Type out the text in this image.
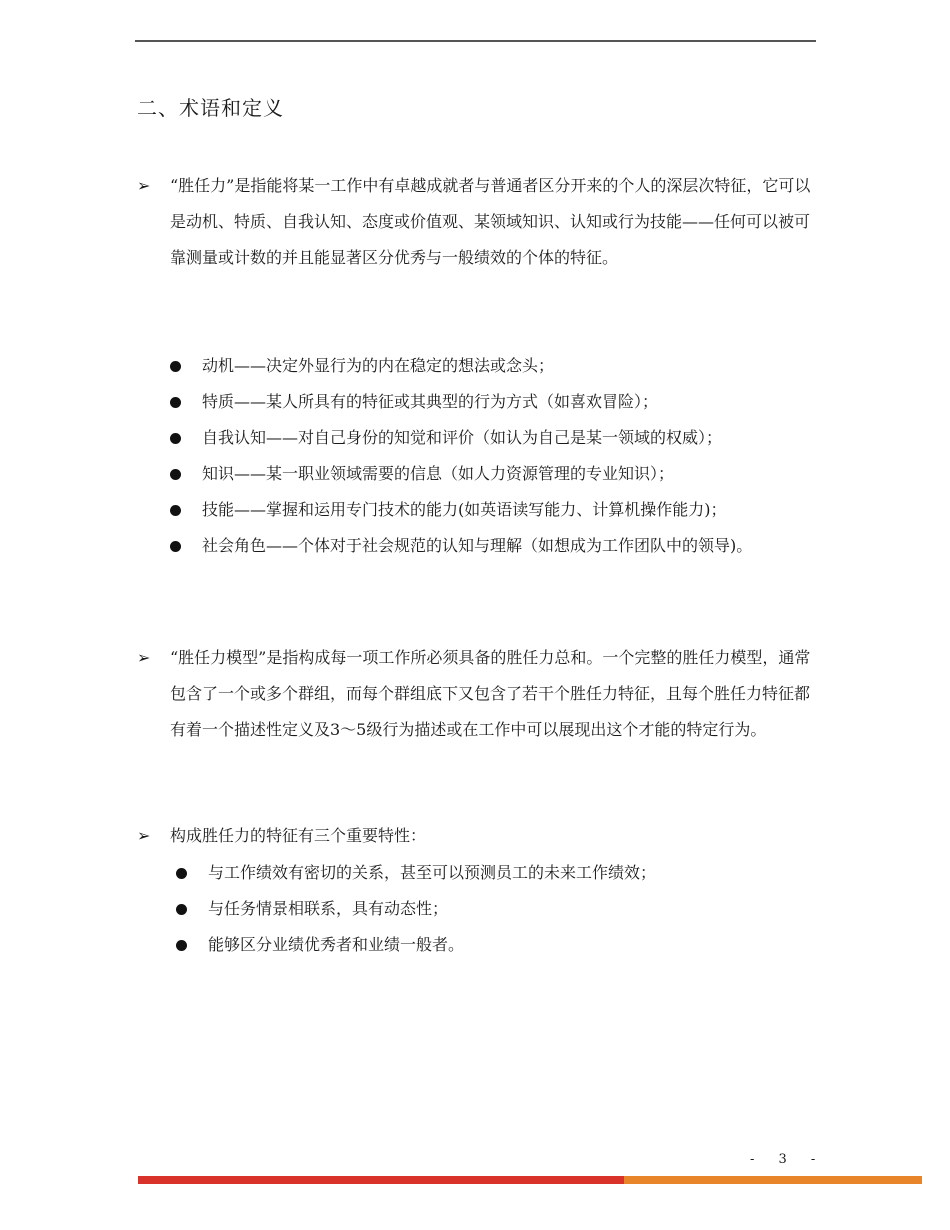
二、术语和定义
➢ “胜任力”是指能将某一工作中有卓越成就者与普通者区分开来的个人的深层次特征，它可以是动机、特质、自我认知、态度或价值观、某领域知识、认知或行为技能——任何可以被可靠测量或计数的并且能显著区分优秀与一般绩效的个体的特征。
动机——决定外显行为的内在稳定的想法或念头；
特质——某人所具有的特征或其典型的行为方式（如喜欢冒险）；
自我认知——对自己身份的知觉和评价（如认为自己是某一领域的权威）；
知识——某一职业领域需要的信息（如人力资源管理的专业知识）；
技能——掌握和运用专门技术的能力(如英语读写能力、计算机操作能力)；
社会角色——个体对于社会规范的认知与理解（如想成为工作团队中的领导)。
➢ “胜任力模型”是指构成每一项工作所必须具备的胜任力总和。一个完整的胜任力模型，通常包含了一个或多个群组，而每个群组底下又包含了若干个胜任力特征，且每个胜任力特征都有着一个描述性定义及3～5级行为描述或在工作中可以展现出这个才能的特定行为。
➢ 构成胜任力的特征有三个重要特性：
与工作绩效有密切的关系，甚至可以预测员工的未来工作绩效；
与任务情景相联系，具有动态性；
能够区分业绩优秀者和业绩一般者。
- 3 -
